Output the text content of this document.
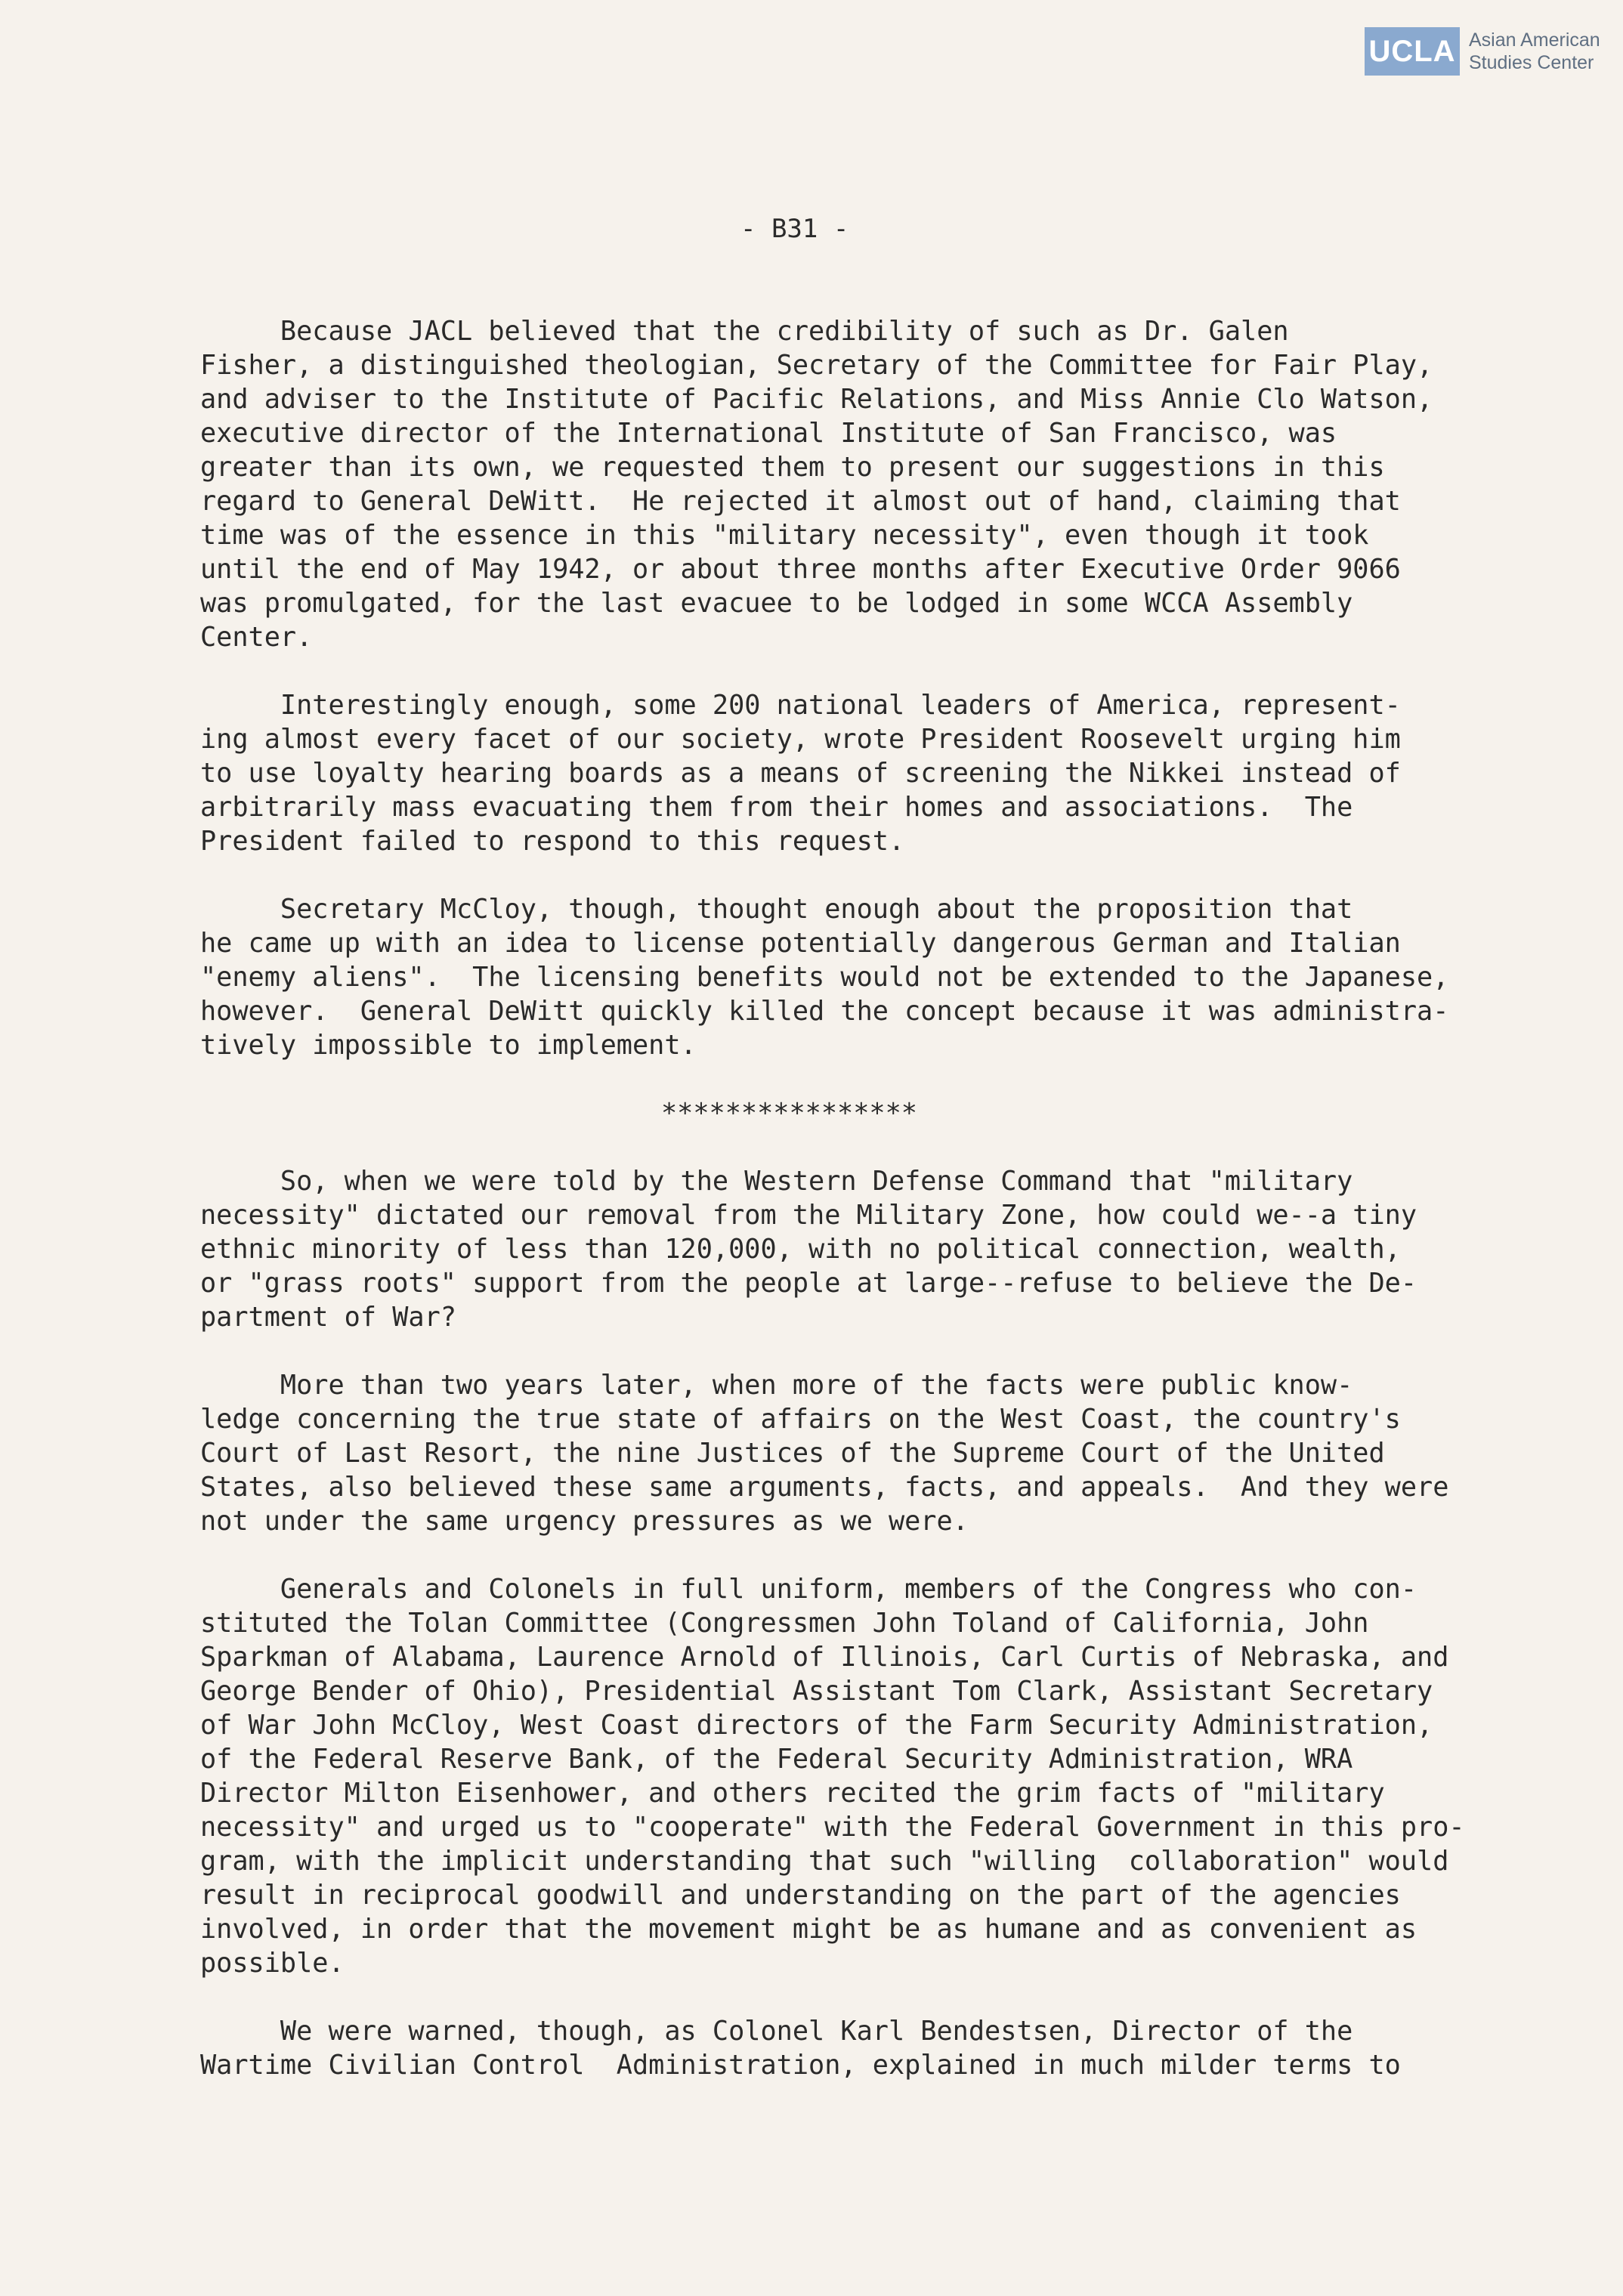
UCLA Asian American
Studies Center
- B31 -
Because JACL believed that the credibility of such as Dr. Galen
Fisher, a distinguished theologian, Secretary of the Committee for Fair Play,
and adviser to the Institute of Pacific Relations, and Miss Annie Clo Watson,
executive director of the International Institute of San Francisco, was
greater than its own, we requested them to present our suggestions in this
regard to General DeWitt.  He rejected it almost out of hand, claiming that
time was of the essence in this "military necessity", even though it took
until the end of May 1942, or about three months after Executive Order 9066
was promulgated, for the last evacuee to be lodged in some WCCA Assembly
Center.
Interestingly enough, some 200 national leaders of America, represent-
ing almost every facet of our society, wrote President Roosevelt urging him
to use loyalty hearing boards as a means of screening the Nikkei instead of
arbitrarily mass evacuating them from their homes and associations.  The
President failed to respond to this request.
Secretary McCloy, though, thought enough about the proposition that
he came up with an idea to license potentially dangerous German and Italian
"enemy aliens".  The licensing benefits would not be extended to the Japanese,
however.  General DeWitt quickly killed the concept because it was administra-
tively impossible to implement.
****************
So, when we were told by the Western Defense Command that "military
necessity" dictated our removal from the Military Zone, how could we--a tiny
ethnic minority of less than 120,000, with no political connection, wealth,
or "grass roots" support from the people at large--refuse to believe the De-
partment of War?
More than two years later, when more of the facts were public know-
ledge concerning the true state of affairs on the West Coast, the country's
Court of Last Resort, the nine Justices of the Supreme Court of the United
States, also believed these same arguments, facts, and appeals.  And they were
not under the same urgency pressures as we were.
Generals and Colonels in full uniform, members of the Congress who con-
stituted the Tolan Committee (Congressmen John Toland of California, John
Sparkman of Alabama, Laurence Arnold of Illinois, Carl Curtis of Nebraska, and
George Bender of Ohio), Presidential Assistant Tom Clark, Assistant Secretary
of War John McCloy, West Coast directors of the Farm Security Administration,
of the Federal Reserve Bank, of the Federal Security Administration, WRA
Director Milton Eisenhower, and others recited the grim facts of "military
necessity" and urged us to "cooperate" with the Federal Government in this pro-
gram, with the implicit understanding that such "willing  collaboration" would
result in reciprocal goodwill and understanding on the part of the agencies
involved, in order that the movement might be as humane and as convenient as
possible.
We were warned, though, as Colonel Karl Bendestsen, Director of the
Wartime Civilian Control  Administration, explained in much milder terms to
